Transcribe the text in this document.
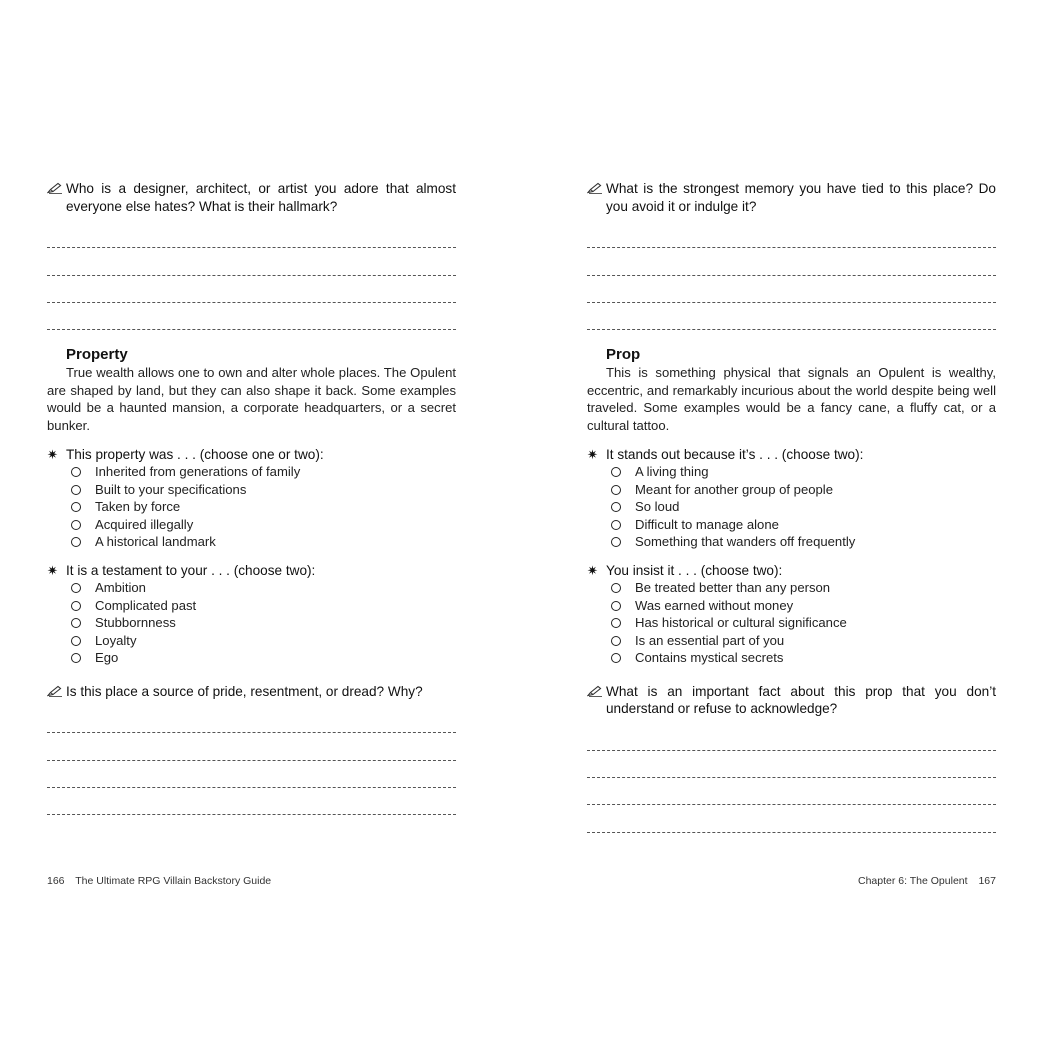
Who is a designer, architect, or artist you adore that almost everyone else hates? What is their hallmark?
Property

True wealth allows one to own and alter whole places. The Opulent are shaped by land, but they can also shape it back. Some examples would be a haunted mansion, a corporate headquarters, or a secret bunker.

✷ This property was . . . (choose one or two):
Inherited from generations of family
Built to your specifications
Taken by force
Acquired illegally
A historical landmark
✷ It is a testament to your . . . (choose two):
Ambition
Complicated past
Stubbornness
Loyalty
Ego
Is this place a source of pride, resentment, or dread? Why?
What is the strongest memory you have tied to this place? Do you avoid it or indulge it?
Prop

This is something physical that signals an Opulent is wealthy, eccentric, and remarkably incurious about the world despite being well traveled. Some examples would be a fancy cane, a fluffy cat, or a cultural tattoo.

✷ It stands out because it’s . . . (choose two):
A living thing
Meant for another group of people
So loud
Difficult to manage alone
Something that wanders off frequently
✷ You insist it . . . (choose two):
Be treated better than any person
Was earned without money
Has historical or cultural significance
Is an essential part of you
Contains mystical secrets
What is an important fact about this prop that you don’t understand or refuse to acknowledge?
166 The Ultimate RPG Villain Backstory Guide	Chapter 6: The Opulent 167
